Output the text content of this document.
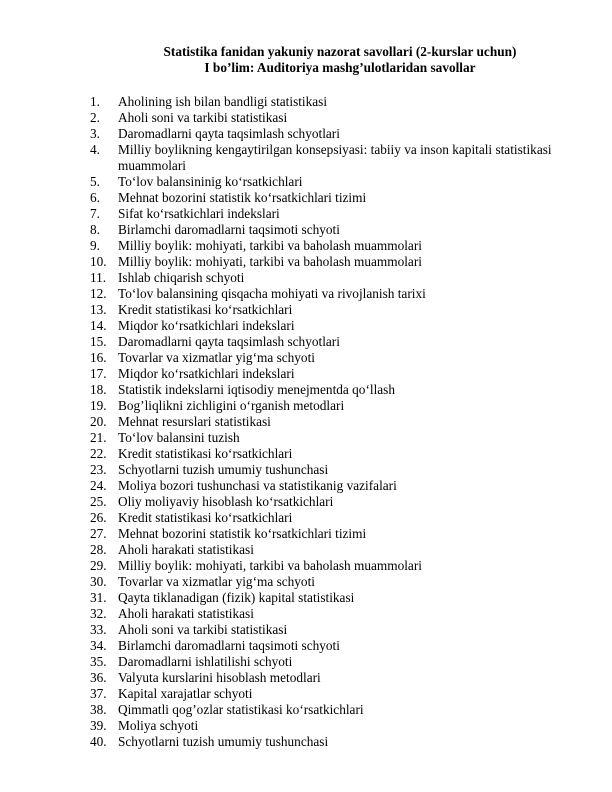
Statistika fanidan yakuniy nazorat savollari (2-kurslar uchun)
I bo’lim: Auditoriya mashg’ulotlaridan savollar
1.	Aholining ish bilan bandligi statistikasi
2.	Aholi soni va tarkibi statistikasi
3.	Daromadlarni qayta taqsimlash schyotlari
4.	Milliy boylikning kengaytirilgan konsepsiyasi: tabiiy va inson kapitali statistikasi muammolari
5.	To‘lov balansininig ko‘rsatkichlari
6.	Mehnat bozorini statistik ko‘rsatkichlari tizimi
7.	Sifat ko‘rsatkichlari indekslari
8.	Birlamchi daromadlarni taqsimoti schyoti
9.	Milliy boylik: mohiyati, tarkibi va baholash muammolari
10. Milliy boylik: mohiyati, tarkibi va baholash muammolari
11. Ishlab chiqarish schyoti
12. To‘lov balansining qisqacha mohiyati va rivojlanish tarixi
13. Kredit statistikasi ko‘rsatkichlari
14. Miqdor ko‘rsatkichlari indekslari
15. Daromadlarni qayta taqsimlash schyotlari
16. Tovarlar va xizmatlar yig‘ma schyoti
17. Miqdor ko‘rsatkichlari indekslari
18. Statistik indekslarni iqtisodiy menejmentda qo‘llash
19. Bog’liqlikni zichligini o‘rganish metodlari
20. Mehnat resurslari statistikasi
21. To‘lov balansini tuzish
22. Kredit statistikasi ko‘rsatkichlari
23. Schyotlarni tuzish umumiy tushunchasi
24. Moliya bozori tushunchasi va statistikanig vazifalari
25. Oliy moliyaviy hisoblash ko‘rsatkichlari
26. Kredit statistikasi ko‘rsatkichlari
27. Mehnat bozorini statistik ko‘rsatkichlari tizimi
28. Aholi harakati statistikasi
29. Milliy boylik: mohiyati, tarkibi va baholash muammolari
30. Tovarlar va xizmatlar yig‘ma schyoti
31. Qayta tiklanadigan (fizik) kapital statistikasi
32. Aholi harakati statistikasi
33. Aholi soni va tarkibi statistikasi
34. Birlamchi daromadlarni taqsimoti schyoti
35. Daromadlarni ishlatilishi schyoti
36. Valyuta kurslarini hisoblash metodlari
37. Kapital xarajatlar schyoti
38. Qimmatli qog’ozlar statistikasi ko‘rsatkichlari
39. Moliya schyoti
40. Schyotlarni tuzish umumiy tushunchasi
